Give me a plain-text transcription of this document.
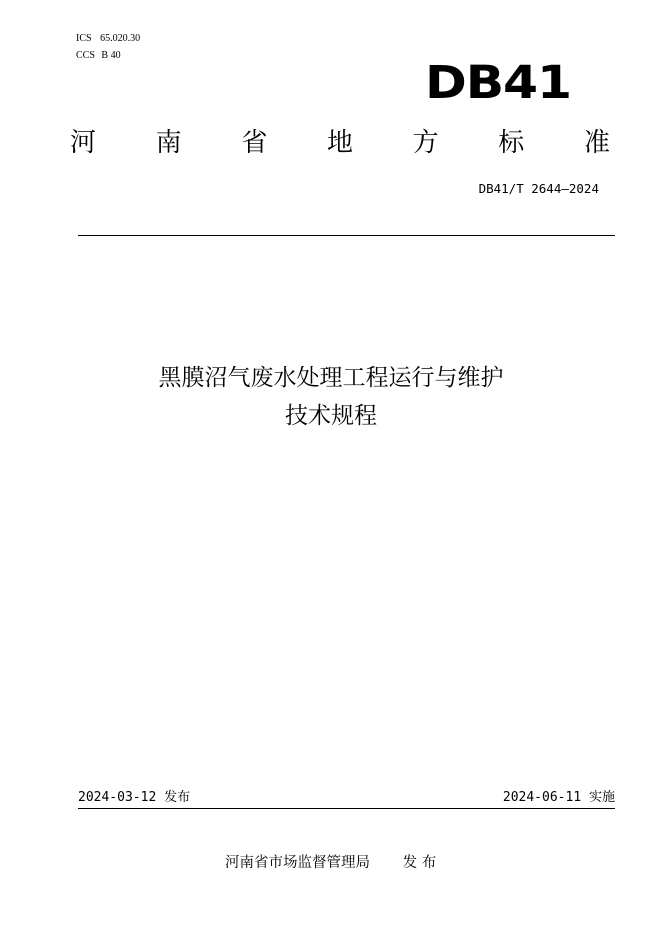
ICS 65.020.30
CCS B 40
DB41
河 南 省 地 方 标 准
DB41/T 2644—2024
黑膜沼气废水处理工程运行与维护
技术规程
2024-03-12 发布	2024-06-11 实施
河南省市场监督管理局 发 布
